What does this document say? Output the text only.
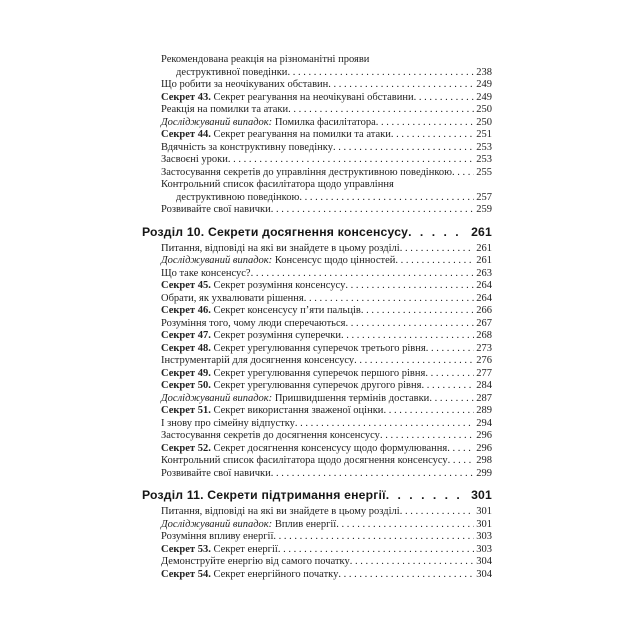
Рекомендована реакція на різноманітні прояви
деструктивної поведінки . . .	238
Що робити за неочікуваних обставин . . .	249
Секрет 43. Секрет реагування на неочікувані обставини . . .	249
Реакція на помилки та атаки . . .	250
Досліджуваний випадок: Помилка фасилітатора . . .	250
Секрет 44. Секрет реагування на помилки та атаки . . .	251
Вдячність за конструктивну поведінку . . .	253
Засвоєні уроки . . .	253
Застосування секретів до управління деструктивною поведінкою . . . 255
Контрольний список фасилітатора щодо управління
деструктивною поведінкою . . .	257
Розвивайте свої навички . . .	259
Розділ 10. Секрети досягнення консенсусу . . .	261
Питання, відповіді на які ви знайдете в цьому розділі . . .	261
Досліджуваний випадок: Консенсус щодо цінностей . . .	261
Що таке консенсус? . . .	263
Секрет 45. Секрет розуміння консенсусу . . .	264
Обрати, як ухвалювати рішення . . .	264
Секрет 46. Секрет консенсусу п’яти пальців . . .	266
Розуміння того, чому люди сперечаються . . .	267
Секрет 47. Секрет розуміння суперечки . . .	268
Секрет 48. Секрет урегулювання суперечок третього рівня . . .	273
Інструментарій для досягнення консенсусу . . .	276
Секрет 49. Секрет урегулювання суперечок першого рівня . . .	277
Секрет 50. Секрет урегулювання суперечок другого рівня . . .	284
Досліджуваний випадок: Пришвидшення термінів доставки . . .	287
Секрет 51. Секрет використання зваженої оцінки . . .	289
І знову про сімейну відпустку . . .	294
Застосування секретів до досягнення консенсусу . . .	296
Секрет 52. Секрет досягнення консенсусу щодо формулювання . . .	296
Контрольний список фасилітатора щодо досягнення консенсусу . . .	298
Розвивайте свої навички . . .	299
Розділ 11. Секрети підтримання енергії . . .	301
Питання, відповіді на які ви знайдете в цьому розділі . . .	301
Досліджуваний випадок: Вплив енергії . . .	301
Розуміння впливу енергії . . .	303
Секрет 53. Секрет енергії . . .	303
Демонструйте енергію від самого початку . . .	304
Секрет 54. Секрет енергійного початку . . .	304
